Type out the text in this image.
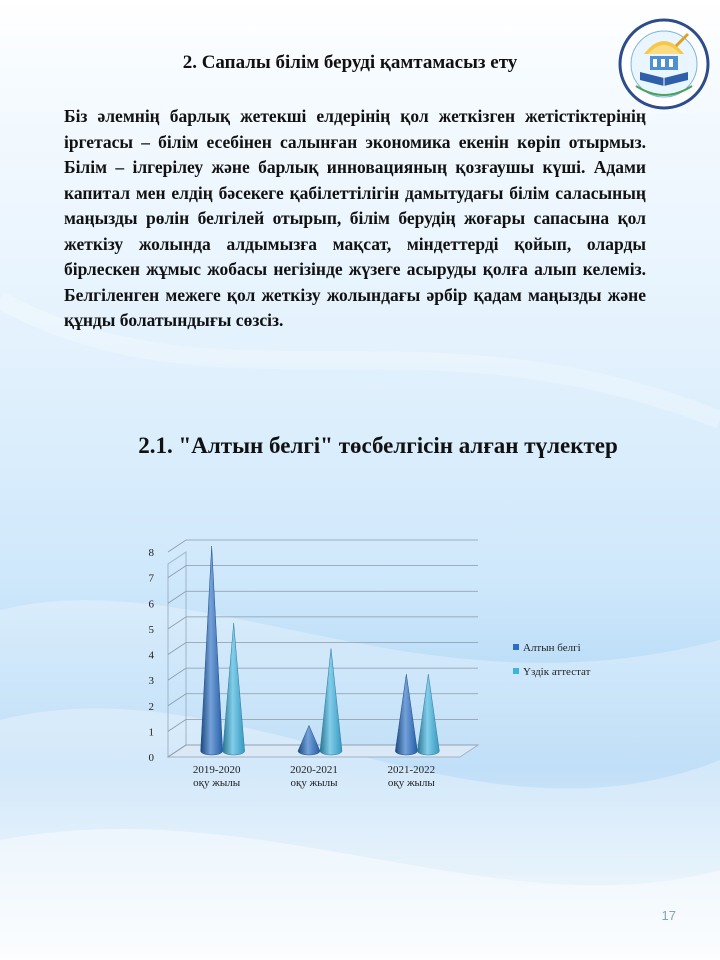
2. Сапалы білім беруді қамтамасыз ету

Біз әлемнің барлық жетекші елдерінің қол жеткізген жетістіктерінің іргетасы – білім есебінен салынған экономика екенін көріп отырмыз. Білім – ілгерілеу және барлық инновацияның қозғаушы күші. Адами капитал мен елдің бәсекеге қабілеттілігін дамытудағы білім саласының маңызды рөлін белгілей отырып, білім берудің жоғары сапасына қол жеткізу жолында алдымызға мақсат, міндеттерді қойып, оларды бірлескен жұмыс жобасы негізінде жүзеге асыруды қолға алып келеміз. Белгіленген межеге қол жеткізу жолындағы әрбір қадам маңызды және құнды болатындығы сөзсіз.

2.1. "Алтын белгі" төсбелгісін алған түлектер
0
1
2
3
4
5
6
7
8
2019-2020
оқу жылы
2020-2021
оқу жылы
2021-2022
оқу жылы
Алтын белгі
Үздік аттестат
17
